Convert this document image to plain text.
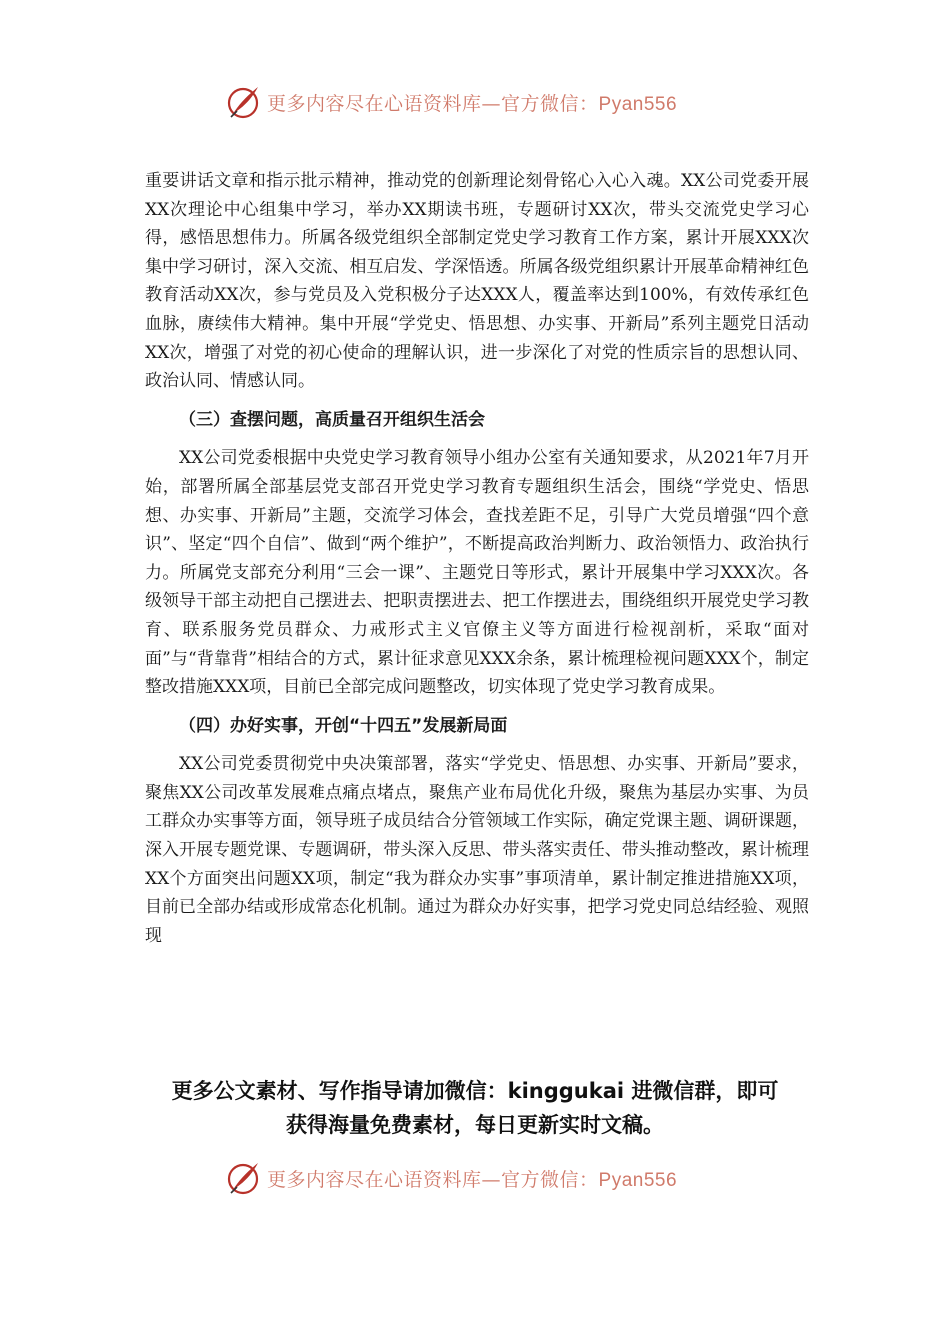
更多内容尽在心语资料库—官方微信：Pyan556

重要讲话文章和指示批示精神，推动党的创新理论刻骨铭心入心入魂。XX公司党委开展XX次理论中心组集中学习，举办XX期读书班，专题研讨XX次，带头交流党史学习心得，感悟思想伟力。所属各级党组织全部制定党史学习教育工作方案，累计开展XXX次集中学习研讨，深入交流、相互启发、学深悟透。所属各级党组织累计开展革命精神红色教育活动XX次，参与党员及入党积极分子达XXX人，覆盖率达到100%，有效传承红色血脉，赓续伟大精神。集中开展“学党史、悟思想、办实事、开新局”系列主题党日活动XX次，增强了对党的初心使命的理解认识，进一步深化了对党的性质宗旨的思想认同、政治认同、情感认同。

（三）查摆问题，高质量召开组织生活会

XX公司党委根据中央党史学习教育领导小组办公室有关通知要求，从2021年7月开始，部署所属全部基层党支部召开党史学习教育专题组织生活会，围绕“学党史、悟思想、办实事、开新局”主题，交流学习体会，查找差距不足，引导广大党员增强“四个意识”、坚定“四个自信”、做到“两个维护”，不断提高政治判断力、政治领悟力、政治执行力。所属党支部充分利用“三会一课”、主题党日等形式，累计开展集中学习XXX次。各级领导干部主动把自己摆进去、把职责摆进去、把工作摆进去，围绕组织开展党史学习教育、联系服务党员群众、力戒形式主义官僚主义等方面进行检视剖析，采取“面对面”与“背靠背”相结合的方式，累计征求意见XXX余条，累计梳理检视问题XXX个，制定整改措施XXX项，目前已全部完成问题整改，切实体现了党史学习教育成果。

（四）办好实事，开创“十四五”发展新局面

XX公司党委贯彻党中央决策部署，落实“学党史、悟思想、办实事、开新局”要求，聚焦XX公司改革发展难点痛点堵点，聚焦产业布局优化升级，聚焦为基层办实事、为员工群众办实事等方面，领导班子成员结合分管领域工作实际，确定党课主题、调研课题，深入开展专题党课、专题调研，带头深入反思、带头落实责任、带头推动整改，累计梳理XX个方面突出问题XX项，制定“我为群众办实事”事项清单，累计制定推进措施XX项，目前已全部办结或形成常态化机制。通过为群众办好实事，把学习党史同总结经验、观照现

更多公文素材、写作指导请加微信：kinggukai 进微信群，即可
获得海量免费素材，每日更新实时文稿。
更多内容尽在心语资料库—官方微信：Pyan556
